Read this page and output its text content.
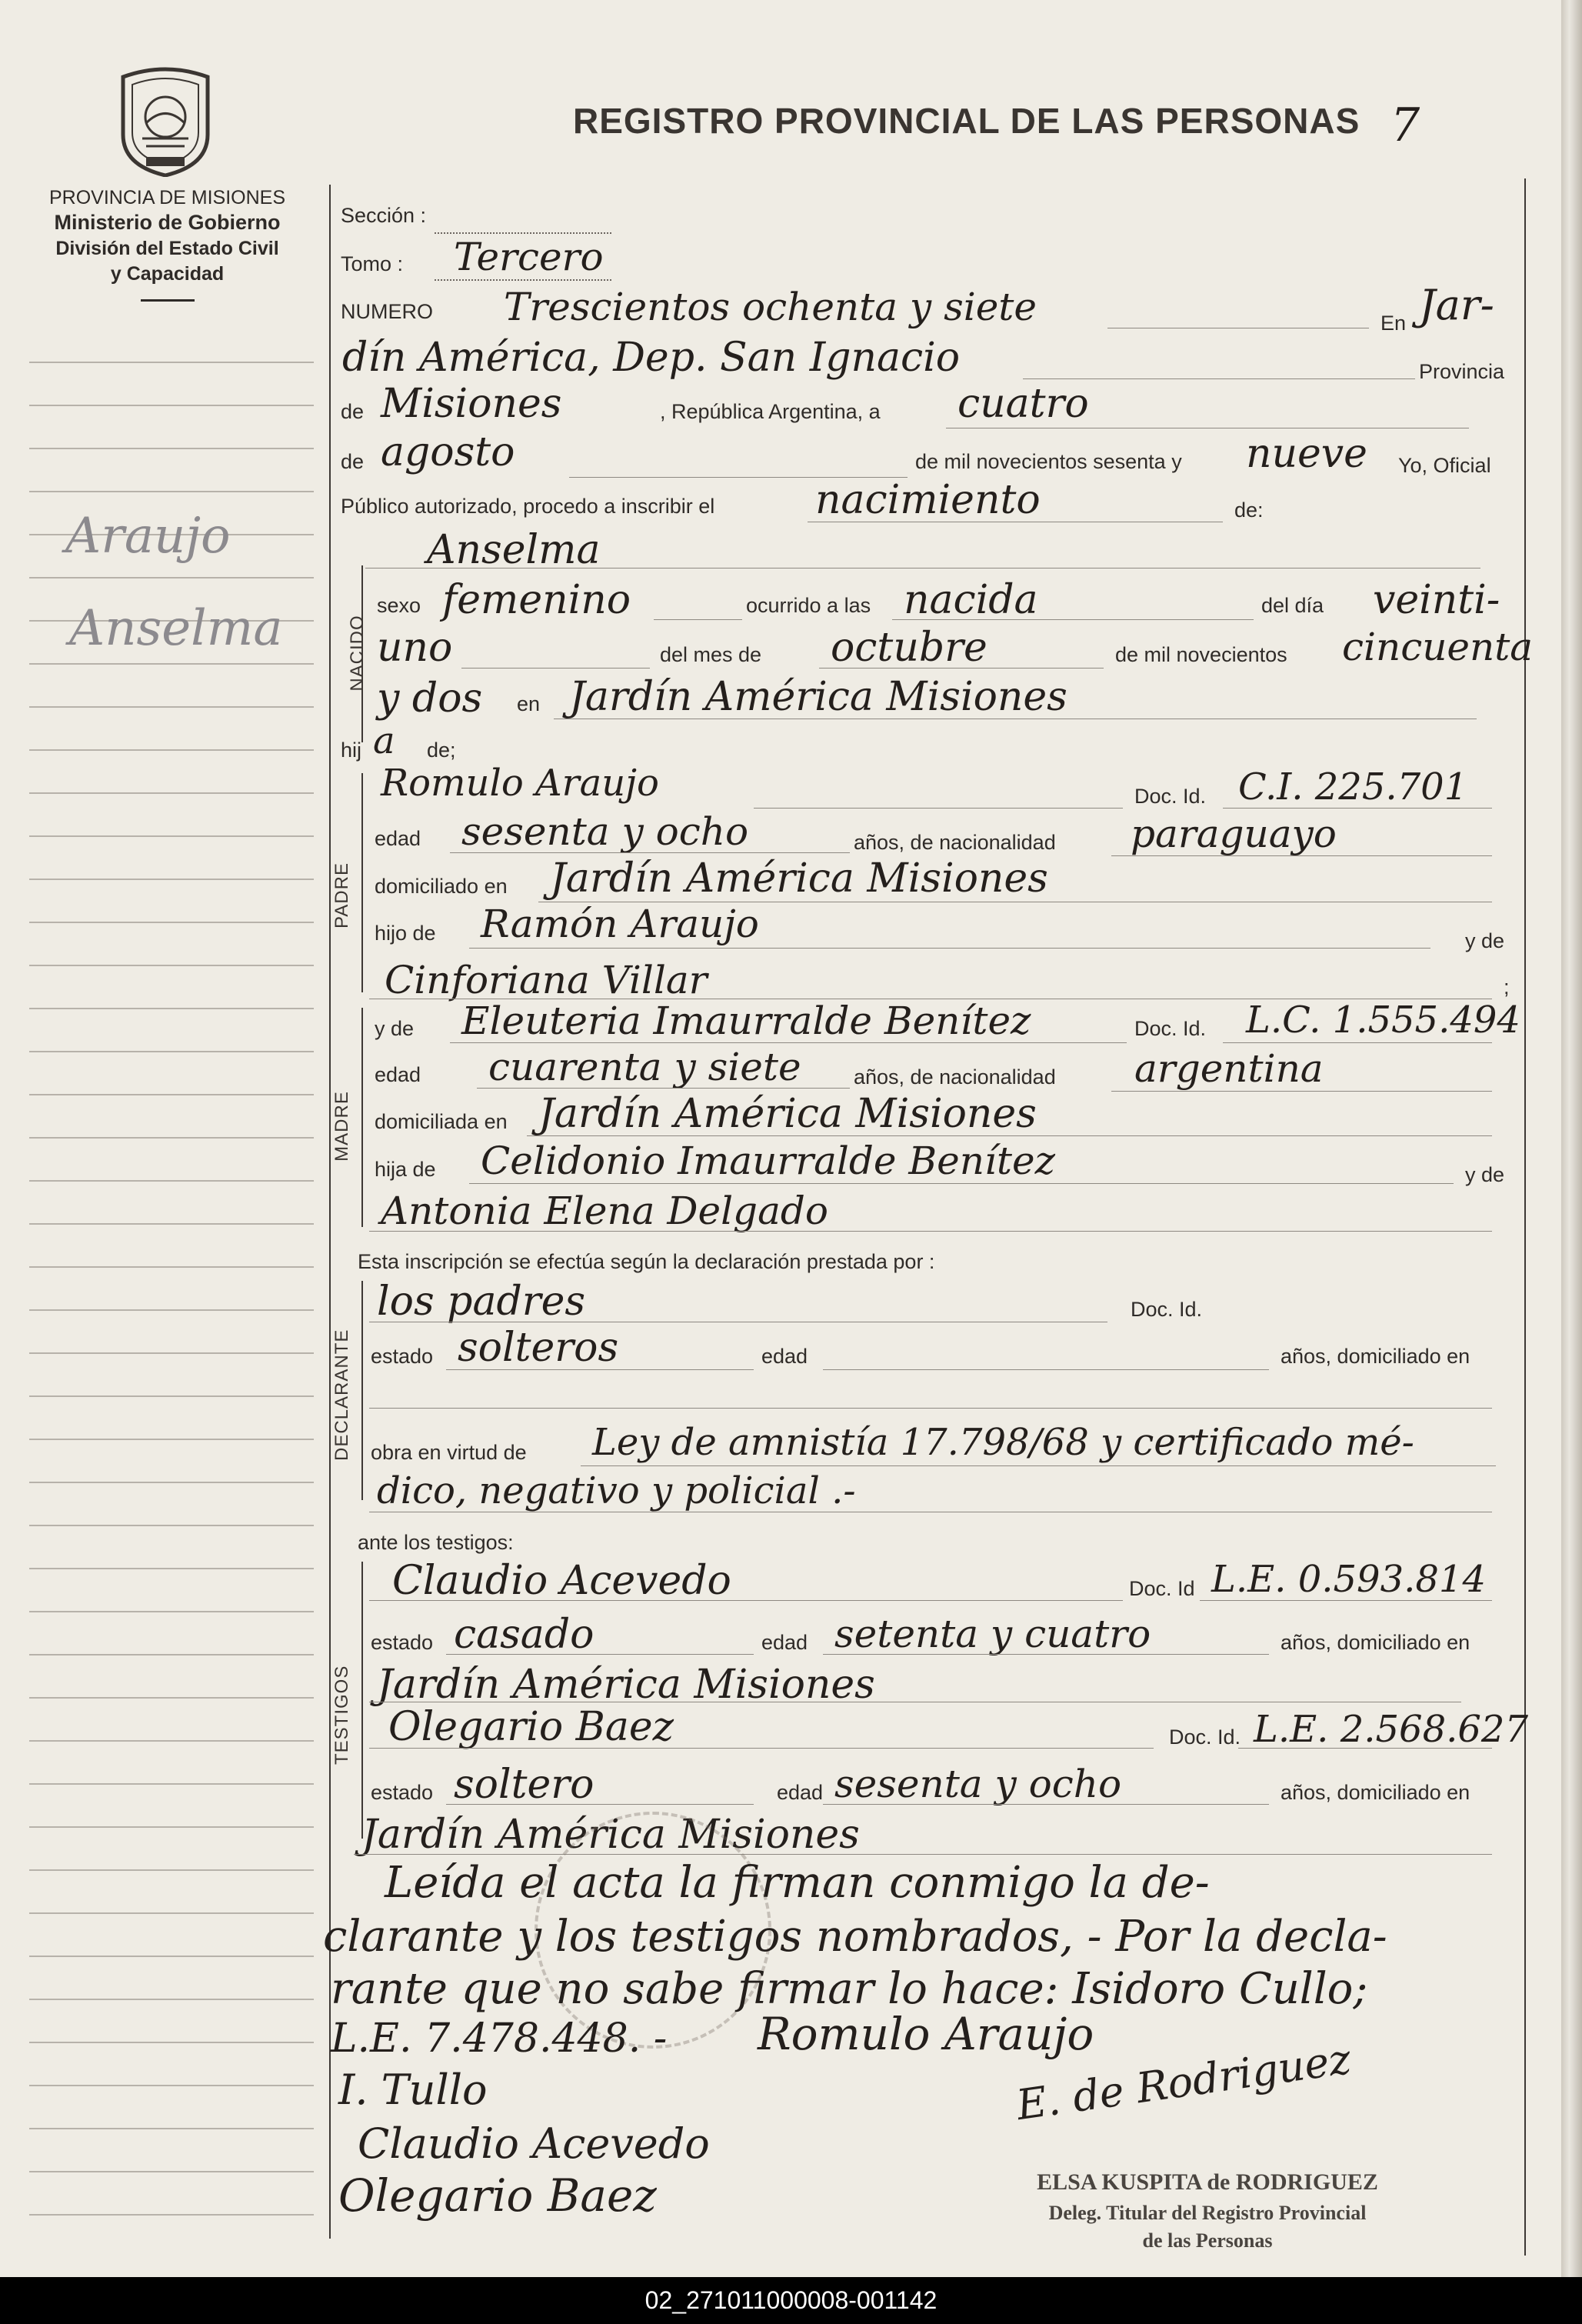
REGISTRO PROVINCIAL DE LAS PERSONAS 7
PROVINCIA DE MISIONES
Ministerio de Gobierno
División del Estado Civil
y Capacidad
Araujo
Anselma
Sección :
Tomo : Tercero
NUMERO Trescientos ochenta y siete	En Jar-
dín América, Dep. San Ignacio	Provincia
de Misiones	, República Argentina, a cuatro
de agosto	de mil novecientos sesenta y nueve Yo, Oficial
Público autorizado, procedo a inscribir el	nacimiento	de:
NACIDO
Anselma
sexo femenino	ocurrido a las nacida	del día veinti-
uno	del mes de octubre	de mil novecientos cincuenta
y dos en Jardín América Misiones
hij a de;
PADRE
Romulo Araujo	Doc. Id. C.I. 225.701
edad sesenta y ocho	años, de nacionalidad paraguayo
domiciliado en Jardín América Misiones
hijo de Ramón Araujo	y de
Cinforiana Villar	;
MADRE
y de Eleuteria Imaurralde Benítez	Doc. Id. L.C. 1.555.494
edad cuarenta y siete	años, de nacionalidad argentina
domiciliada en Jardín América Misiones
hija de Celidonio Imaurralde Benítez	y de
Antonia Elena Delgado
Esta inscripción se efectúa según la declaración prestada por :
DECLARANTE
los padres	Doc. Id.
estado solteros	edad	años, domiciliado en
obra en virtud de Ley de amnistía 17.798/68 y certificado mé-
dico, negativo y policial .-
ante los testigos:
TESTIGOS
Claudio Acevedo	Doc. Id L.E. 0.593.814
estado casado	edad setenta y cuatro	años, domiciliado en
Jardín América Misiones
Olegario Baez	Doc. Id. L.E. 2.568.627
estado soltero	edad sesenta y ocho	años, domiciliado en
Jardín América Misiones
Leída el acta la firman conmigo la de-
clarante y los testigos nombrados, - Por la decla-
rante que no sabe firmar lo hace: Isidoro Cullo;
L.E. 7.478.448. - Romulo Araujo
I. Tullo
Claudio Acevedo
Olegario Baez
E. de Rodriguez
ELSA KUSPITA de RODRIGUEZ
Deleg. Titular del Registro Provincial
de las Personas
02_271011000008-001142
